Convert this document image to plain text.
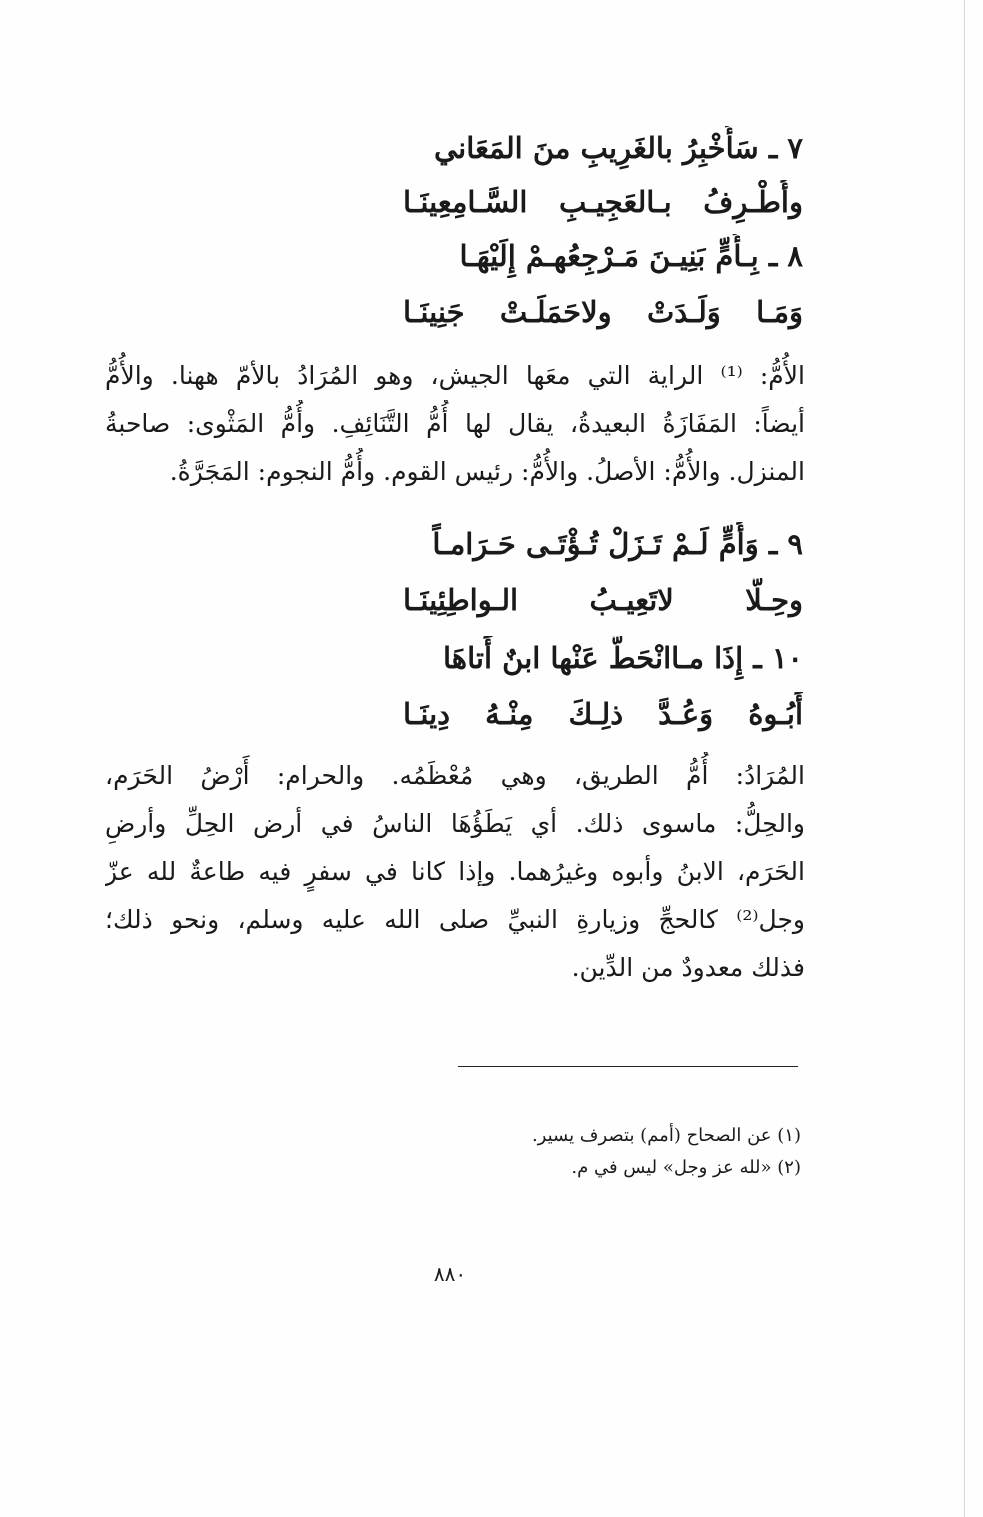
٧ ـ سَأُخْبِرُ بالغَرِيبِ منَ المَعَاني
وأُطْـرِفُ بـالعَجِيـبِ السَّـامِعِينَـا
٨ ـ بِـأُمٍّ بَنِيـنَ مَـرْجِعُهـمْ إِلَيْهَـا
وَمَـا وَلَـدَتْ ولاحَمَلَـتْ جَنِينَـا
الأُمُّ: ⁽¹⁾ الراية التي معَها الجيش، وهو المُرَادُ بالأمّ ههنا. والأُمُّ
أيضاً: المَفَازَةُ البعيدةُ، يقال لها أُمُّ التَّنَائِفِ. وأُمُّ المَثْوى: صاحبةُ
المنزل. والأُمُّ: الأصلُ. والأُمُّ: رئيس القوم. وأُمُّ النجوم: المَجَرَّةُ.
٩ ـ وَأُمٍّ لَـمْ تَـزَلْ تُـؤْتَـى حَـرَامـاً
وحِـلًّا لاتَعِيـبُ الـواطِئِينَـا
١٠ ـ إِذَا مـاانْحَطَّ عَنْها ابنٌ أَتاهَا
أَبُـوهُ وَعُـدَّ ذلِـكَ مِنْـهُ دِينَـا
المُرَادُ: أُمُّ الطريق، وهي مُعْظَمُه. والحرام: أَرْضُ الحَرَم،
والحِلُّ: ماسوى ذلك. أي يَطَؤُهَا الناسُ في أرض الحِلِّ وأرضِ
الحَرَم، الابنُ وأبوه وغيرُهما. وإذا كانا في سفرٍ فيه طاعةٌ لله عزّ
وجل⁽²⁾ كالحجِّ وزيارةِ النبيِّ صلى الله عليه وسلم، ونحو ذلك؛
فذلك معدودٌ من الدِّين.
(١) عن الصحاح (أمم) بتصرف يسير.
(٢) «لله عز وجل» ليس في م.
٨٨٠
